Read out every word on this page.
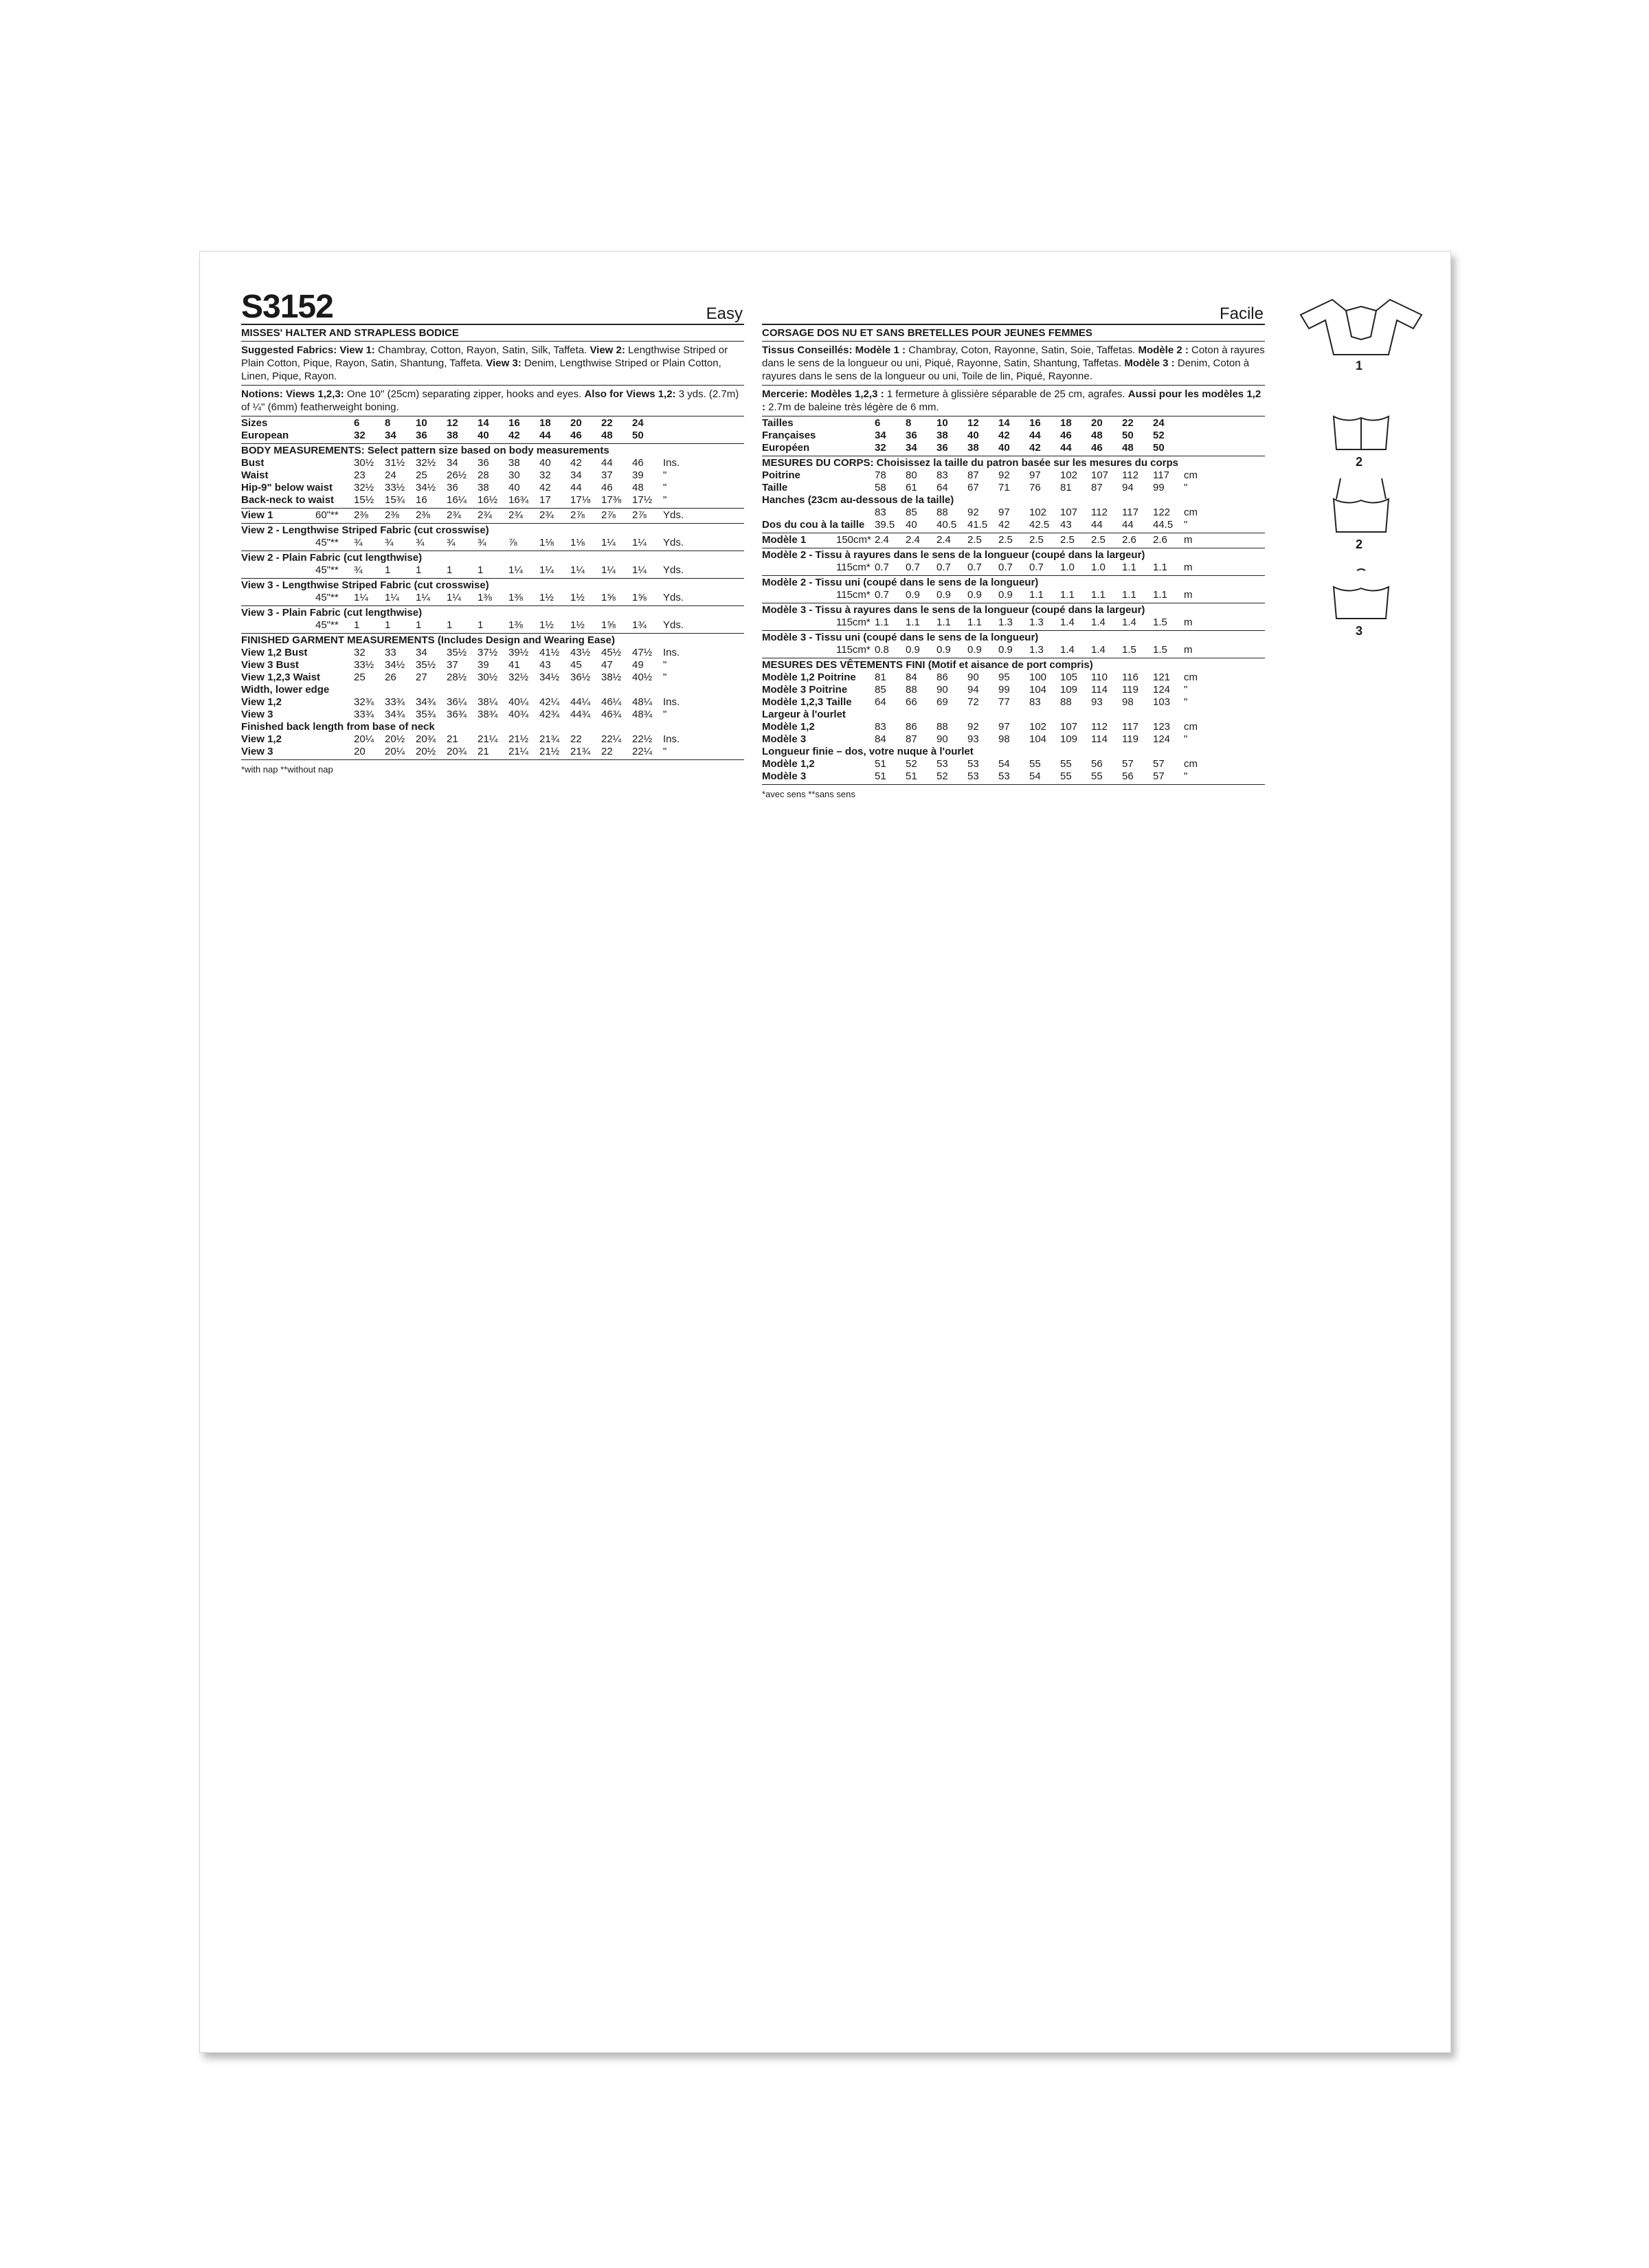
S3152	Easy
MISSES' HALTER AND STRAPLESS BODICE
Suggested Fabrics: View 1: Chambray, Cotton, Rayon, Satin, Silk, Taffeta. View 2: Lengthwise Striped or Plain Cotton, Pique, Rayon, Satin, Shantung, Taffeta. View 3: Denim, Lengthwise Striped or Plain Cotton, Linen, Pique, Rayon.
Notions: Views 1,2,3: One 10" (25cm) separating zipper, hooks and eyes. Also for Views 1,2: 3 yds. (2.7m) of ¼" (6mm) featherweight boning.
Sizes	6	8	10	12	14	16	18	20	22	24
European	32	34	36	38	40	42	44	46	48	50
BODY MEASUREMENTS: Select pattern size based on body measurements
Bust	30½	31½	32½	34	36	38	40	42	44	46	Ins.
Waist	23	24	25	26½	28	30	32	34	37	39	"
Hip-9" below waist 32½	33½	34½	36	38	40	42	44	46	48	"
Back-neck to waist 15½	15¾	16	16¼	16½	16¾	17	17⅛	17⅜	17½	"
View 1	60"**	2⅜	2⅜	2⅜	2¾	2¾	2¾	2¾	2⅞	2⅞	2⅞	Yds.
View 2 - Lengthwise Striped Fabric (cut crosswise)
45"**	¾	¾	¾	¾	¾	⅞	1⅛	1⅛	1¼	1¼	Yds.
View 2 - Plain Fabric (cut lengthwise)
45"**	¾	1	1	1	1	1¼	1¼	1¼	1¼	1¼	Yds.
View 3 - Lengthwise Striped Fabric (cut crosswise)
45"**	1¼	1¼	1¼	1¼	1⅜	1⅜	1½	1½	1⅝	1⅝	Yds.
View 3 - Plain Fabric (cut lengthwise)
45"**	1	1	1	1	1	1⅜	1½	1½	1⅝	1¾	Yds.
FINISHED GARMENT MEASUREMENTS (Includes Design and Wearing Ease)
View 1,2 Bust	32	33	34	35½	37½	39½	41½	43½	45½	47½	Ins.
View 3 Bust	33½	34½	35½	37	39	41	43	45	47	49	"
View 1,2,3 Waist	25	26	27	28½	30½	32½	34½	36½	38½	40½	"
Width, lower edge
View 1,2	32¾	33¾	34¾	36¼	38¼	40¼	42¼	44¼	46¼	48¼	Ins.
View 3	33¾	34¾	35¾	36¾	38¾	40¾	42¾	44¾	46¾	48¾	"
Finished back length from base of neck
View 1,2	20¼	20½	20¾	21	21¼	21½	21¾	22	22¼	22½	Ins.
View 3	20	20¼	20½	20¾	21	21¼	21½	21¾	22	22¼	"
*with nap **without nap
Facile
CORSAGE DOS NU ET SANS BRETELLES POUR JEUNES FEMMES
Tissus Conseillés: Modèle 1 : Chambray, Coton, Rayonne, Satin, Soie, Taffetas. Modèle 2 : Coton à rayures dans le sens de la longueur ou uni, Piqué, Rayonne, Satin, Shantung, Taffetas. Modèle 3 : Denim, Coton à rayures dans le sens de la longueur ou uni, Toile de lin, Piqué, Rayonne.
Mercerie: Modèles 1,2,3 : 1 fermeture à glissière séparable de 25 cm, agrafes. Aussi pour les modèles 1,2 : 2.7m de baleine très légère de 6 mm.
Tailles	6	8	10	12	14	16	18	20	22	24
Françaises	34	36	38	40	42	44	46	48	50	52
Européen	32	34	36	38	40	42	44	46	48	50
MESURES DU CORPS: Choisissez la taille du patron basée sur les mesures du corps
Poitrine	78	80	83	87	92	97	102	107	112	117	cm
Taille	58	61	64	67	71	76	81	87	94	99	"
Hanches (23cm au-dessous de la taille)
83	85	88	92	97	102	107	112	117	122	cm
Dos du cou à la taille 39.5	40	40.5	41.5	42	42.5	43	44	44	44.5	"
Modèle 1	150cm* 2.4	2.4	2.4	2.5	2.5	2.5	2.5	2.5	2.6	2.6	m
Modèle 2 - Tissu à rayures dans le sens de la longueur (coupé dans la largeur)
115cm* 0.7	0.7	0.7	0.7	0.7	0.7	1.0	1.0	1.1	1.1	m
Modèle 2 - Tissu uni (coupé dans le sens de la longueur)
115cm* 0.7	0.9	0.9	0.9	0.9	1.1	1.1	1.1	1.1	1.1	m
Modèle 3 - Tissu à rayures dans le sens de la longueur (coupé dans la largeur)
115cm* 1.1	1.1	1.1	1.1	1.3	1.3	1.4	1.4	1.4	1.5	m
Modèle 3 - Tissu uni (coupé dans le sens de la longueur)
115cm* 0.8	0.9	0.9	0.9	0.9	1.3	1.4	1.4	1.5	1.5	m
MESURES DES VÊTEMENTS FINI (Motif et aisance de port compris)
Modèle 1,2 Poitrine 81	84	86	90	95	100	105	110	116	121	cm
Modèle 3 Poitrine	85	88	90	94	99	104	109	114	119	124	"
Modèle 1,2,3 Taille 64	66	69	72	77	83	88	93	98	103	"
Largeur à l'ourlet
Modèle 1,2	83	86	88	92	97	102	107	112	117	123	cm
Modèle 3	84	87	90	93	98	104	109	114	119	124	"
Longueur finie – dos, votre nuque à l'ourlet
Modèle 1,2	51	52	53	53	54	55	55	56	57	57	cm
Modèle 3	51	51	52	53	53	54	55	55	56	57	"
*avec sens **sans sens
1
2
2
3
